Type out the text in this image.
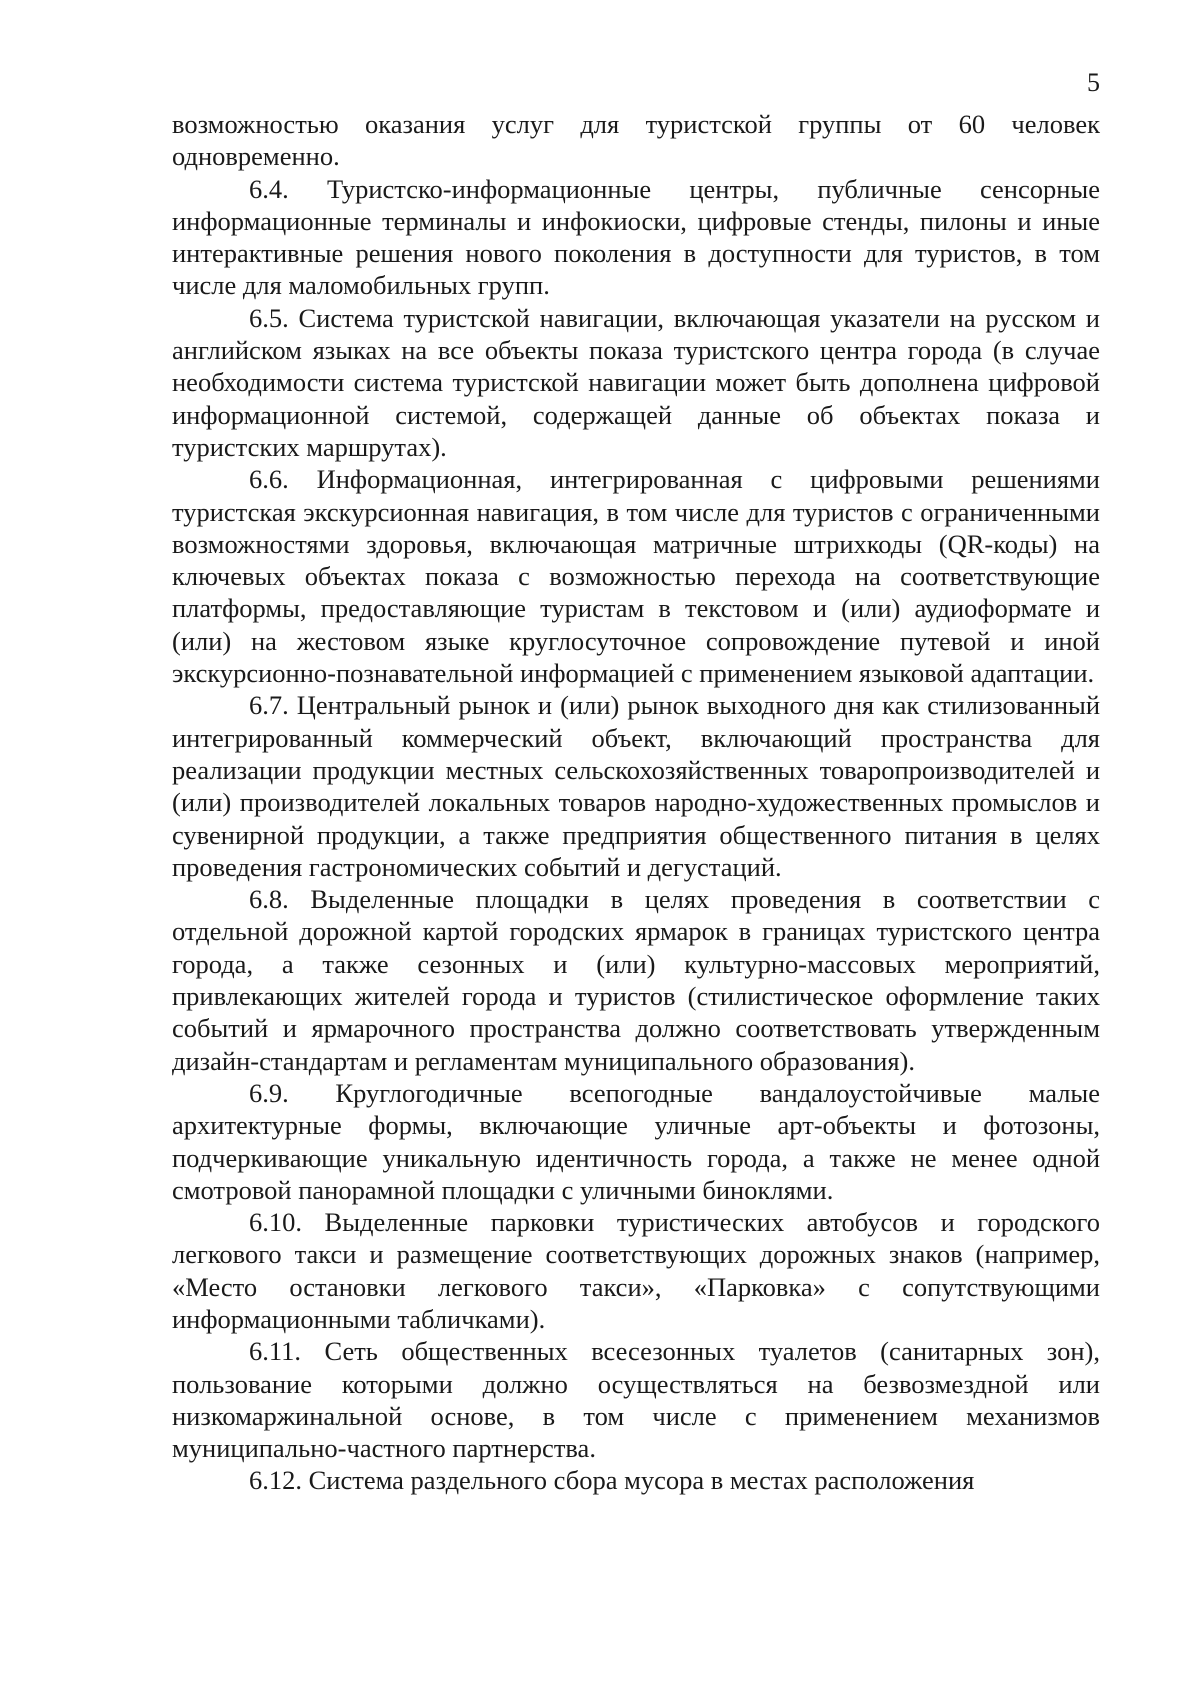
5

возможностью оказания услуг для туристской группы от 60 человек одновременно.

6.4. Туристско-информационные центры, публичные сенсорные информационные терминалы и инфокиоски, цифровые стенды, пилоны и иные интерактивные решения нового поколения в доступности для туристов, в том числе для маломобильных групп.

6.5. Система туристской навигации, включающая указатели на русском и английском языках на все объекты показа туристского центра города (в случае необходимости система туристской навигации может быть дополнена цифровой информационной системой, содержащей данные об объектах показа и туристских маршрутах).

6.6. Информационная, интегрированная с цифровыми решениями туристская экскурсионная навигация, в том числе для туристов с ограниченными возможностями здоровья, включающая матричные штрихкоды (QR-коды) на ключевых объектах показа с возможностью перехода на соответствующие платформы, предоставляющие туристам в текстовом и (или) аудиоформате и (или) на жестовом языке круглосуточное сопровождение путевой и иной экскурсионно-познавательной информацией с применением языковой адаптации.

6.7. Центральный рынок и (или) рынок выходного дня как стилизованный интегрированный коммерческий объект, включающий пространства для реализации продукции местных сельскохозяйственных товаропроизводителей и (или) производителей локальных товаров народно-художественных промыслов и сувенирной продукции, а также предприятия общественного питания в целях проведения гастрономических событий и дегустаций.

6.8. Выделенные площадки в целях проведения в соответствии с отдельной дорожной картой городских ярмарок в границах туристского центра города, а также сезонных и (или) культурно-массовых мероприятий, привлекающих жителей города и туристов (стилистическое оформление таких событий и ярмарочного пространства должно соответствовать утвержденным дизайн-стандартам и регламентам муниципального образования).

6.9. Круглогодичные всепогодные вандалоустойчивые малые архитектурные формы, включающие уличные арт-объекты и фотозоны, подчеркивающие уникальную идентичность города, а также не менее одной смотровой панорамной площадки с уличными биноклями.

6.10. Выделенные парковки туристических автобусов и городского легкового такси и размещение соответствующих дорожных знаков (например, «Место остановки легкового такси», «Парковка» с сопутствующими информационными табличками).

6.11. Сеть общественных всесезонных туалетов (санитарных зон), пользование которыми должно осуществляться на безвозмездной или низкомаржинальной основе, в том числе с применением механизмов муниципально-частного партнерства.

6.12. Система раздельного сбора мусора в местах расположения
